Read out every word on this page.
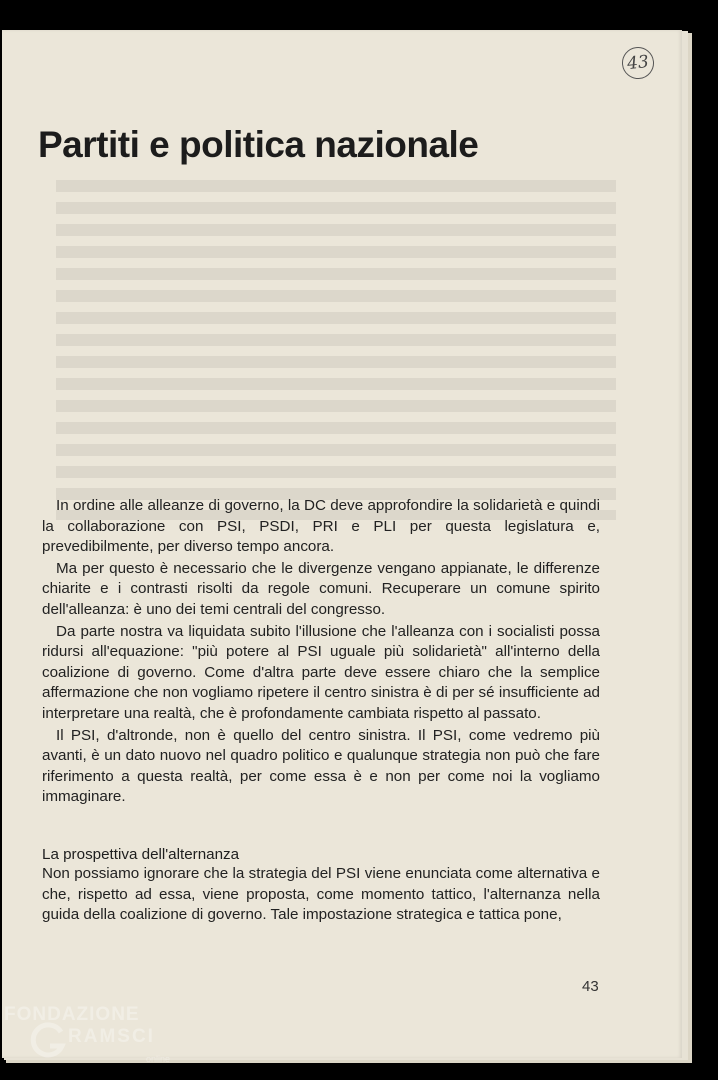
43
Partiti e politica nazionale

In ordine alle alleanze di governo, la DC deve approfondire la solidarietà e quindi la collaborazione con PSI, PSDI, PRI e PLI per questa legislatura e, prevedibilmente, per diverso tempo ancora.

Ma per questo è necessario che le divergenze vengano appianate, le differenze chiarite e i contrasti risolti da regole comuni. Recuperare un comune spirito dell'alleanza: è uno dei temi centrali del congresso.

Da parte nostra va liquidata subito l'illusione che l'alleanza con i socialisti possa ridursi all'equazione: "più potere al PSI uguale più solidarietà" all'interno della coalizione di governo. Come d'altra parte deve essere chiaro che la semplice affermazione che non vogliamo ripetere il centro sinistra è di per sé insufficiente ad interpretare una realtà, che è profondamente cambiata rispetto al passato.

Il PSI, d'altronde, non è quello del centro sinistra. Il PSI, come vedremo più avanti, è un dato nuovo nel quadro politico e qualunque strategia non può che fare riferimento a questa realtà, per come essa è e non per come noi la vogliamo immaginare.

La prospettiva dell'alternanza

Non possiamo ignorare che la strategia del PSI viene enunciata come alternativa e che, rispetto ad essa, viene proposta, come momento tattico, l'alternanza nella guida della coalizione di governo. Tale impostazione strategica e tattica pone,

43
FONDAZIONE
RAMSCI
online
